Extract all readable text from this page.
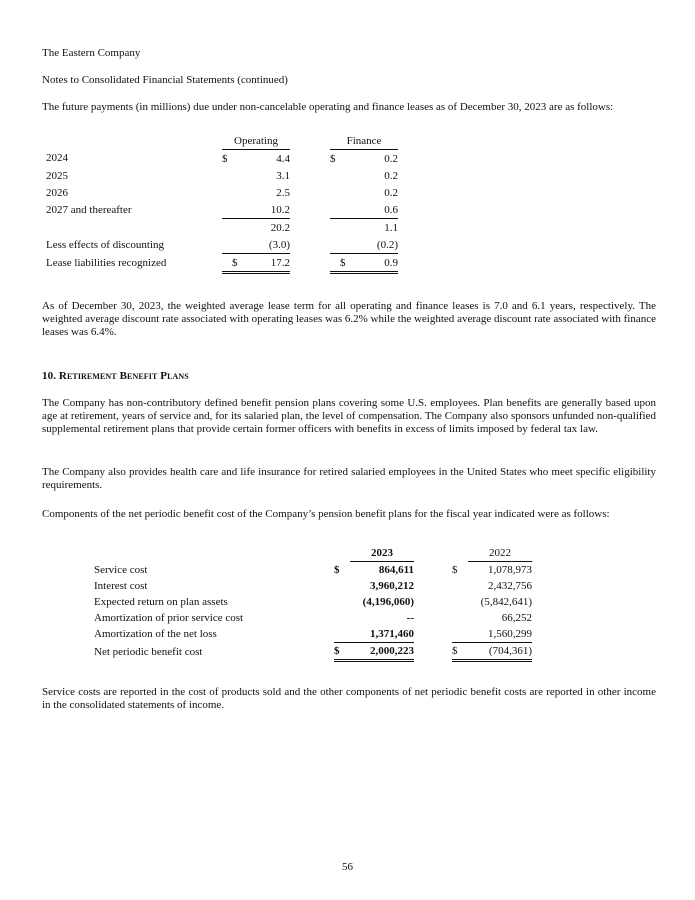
The Eastern Company
Notes to Consolidated Financial Statements (continued)
The future payments (in millions) due under non-cancelable operating and finance leases as of December 30, 2023 are as follows:
	Operating			Finance		
2024	$	4.4		$	0.2	
2025		3.1			0.2	
2026		2.5			0.2	
2027 and thereafter		10.2			0.6	
		20.2			1.1	
Less effects of discounting		(3.0)			(0.2)	
Lease liabilities recognized	$	17.2		$	0.9	
As of December 30, 2023, the weighted average lease term for all operating and finance leases is 7.0 and 6.1 years, respectively. The weighted average discount rate associated with operating leases was 6.2% while the weighted average discount rate associated with finance leases was 6.4%.
10. Retirement Benefit Plans
The Company has non-contributory defined benefit pension plans covering some U.S. employees. Plan benefits are generally based upon age at retirement, years of service and, for its salaried plan, the level of compensation. The Company also sponsors unfunded non-qualified supplemental retirement plans that provide certain former officers with benefits in excess of limits imposed by federal tax law.
The Company also provides health care and life insurance for retired salaried employees in the United States who meet specific eligibility requirements.
Components of the net periodic benefit cost of the Company’s pension benefit plans for the fiscal year indicated were as follows:
		2023			2022
Service cost	$	864,611		$	1,078,973
Interest cost		3,960,212			2,432,756
Expected return on plan assets		(4,196,060)			(5,842,641)
Amortization of prior service cost		--			66,252
Amortization of the net loss		1,371,460			1,560,299
Net periodic benefit cost	$	2,000,223		$	(704,361)
Service costs are reported in the cost of products sold and the other components of net periodic benefit costs are reported in other income in the consolidated statements of income.
56
